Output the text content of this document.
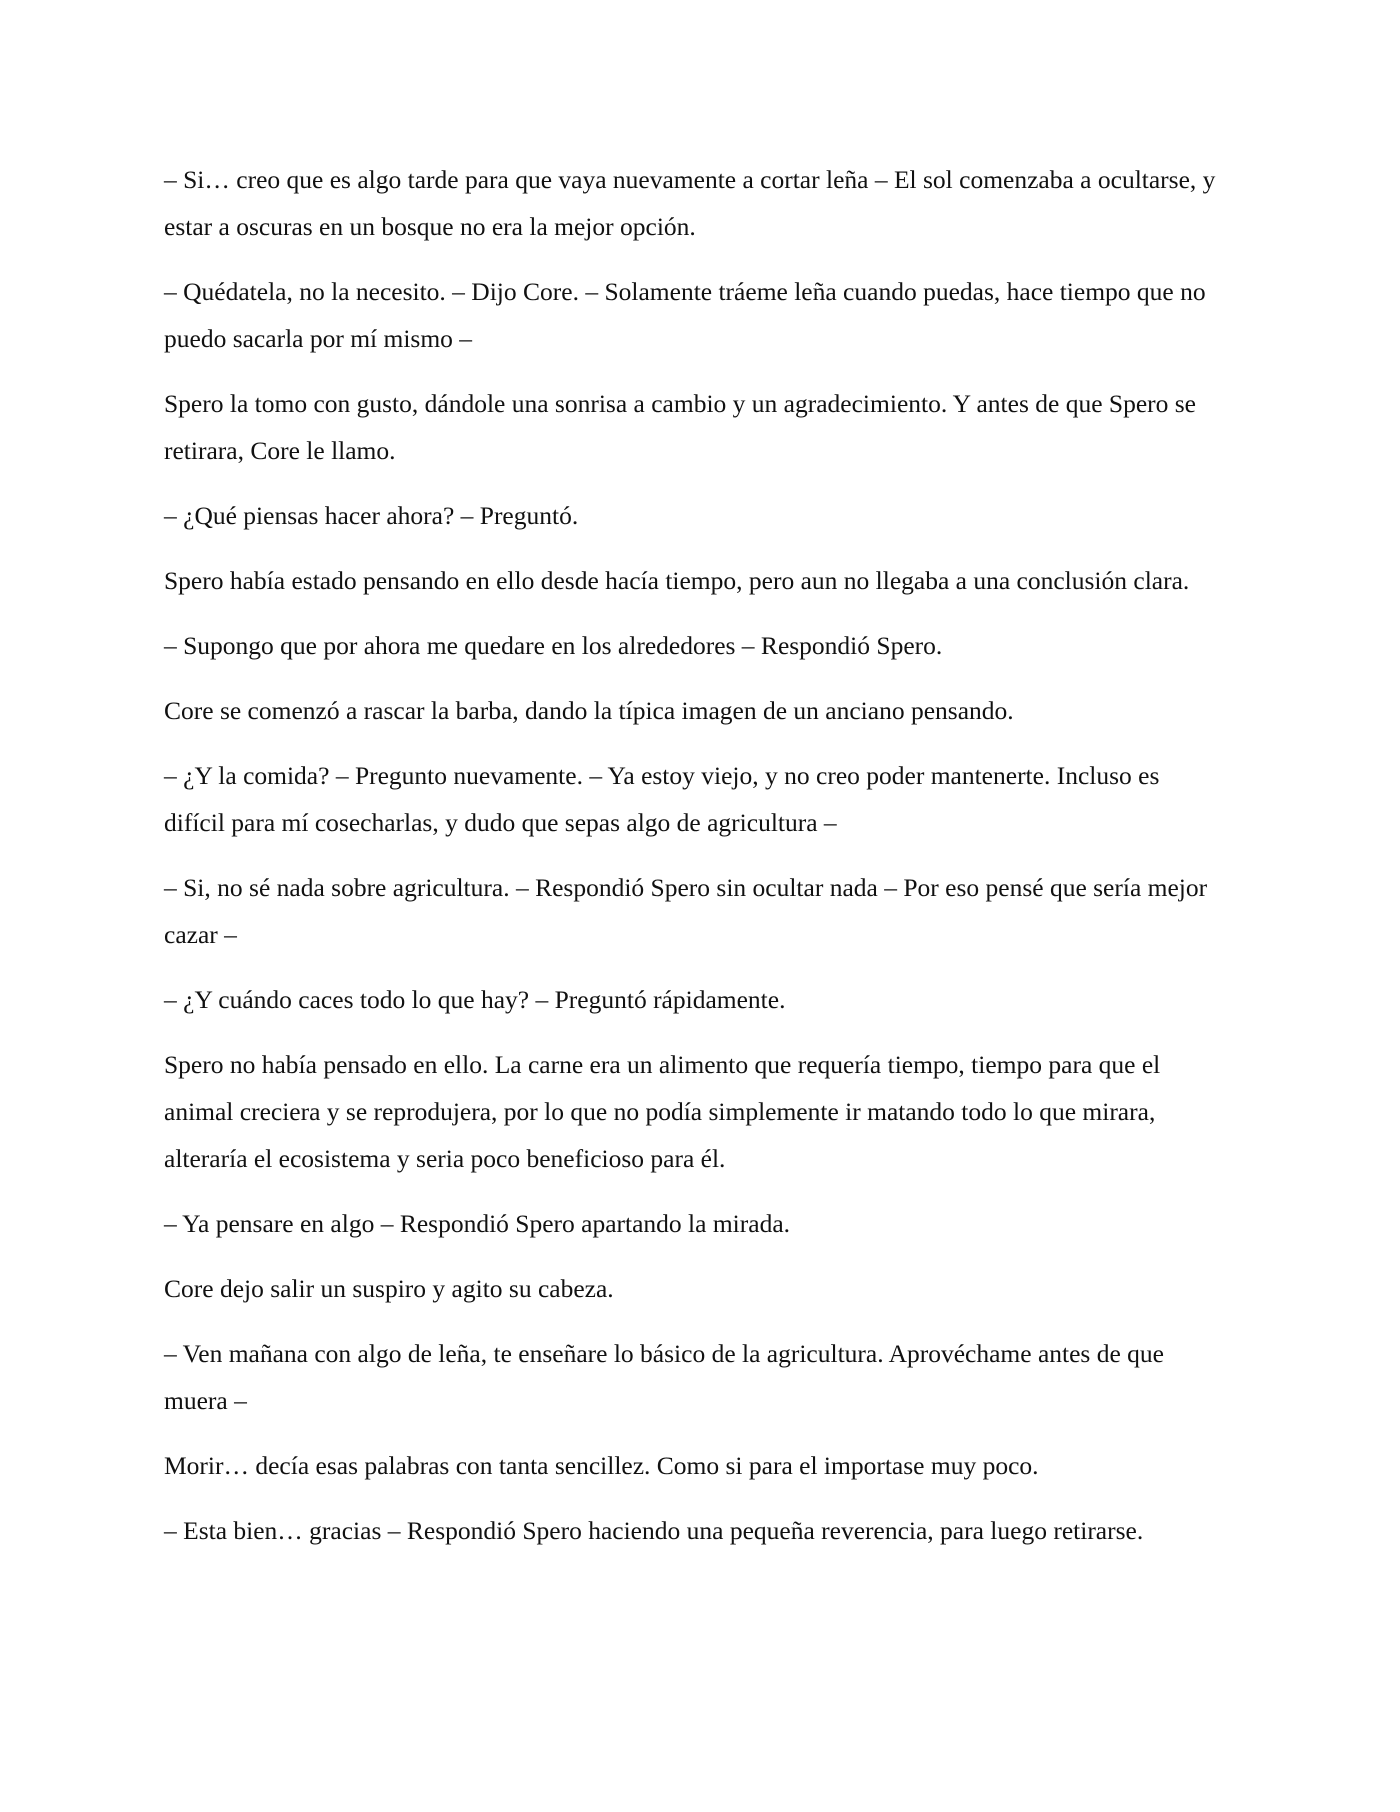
– Si… creo que es algo tarde para que vaya nuevamente a cortar leña – El sol comenzaba a ocultarse, y estar a oscuras en un bosque no era la mejor opción.

– Quédatela, no la necesito. – Dijo Core. – Solamente tráeme leña cuando puedas, hace tiempo que no puedo sacarla por mí mismo –

Spero la tomo con gusto, dándole una sonrisa a cambio y un agradecimiento. Y antes de que Spero se retirara, Core le llamo.

– ¿Qué piensas hacer ahora? – Preguntó.

Spero había estado pensando en ello desde hacía tiempo, pero aun no llegaba a una conclusión clara.

– Supongo que por ahora me quedare en los alrededores – Respondió Spero.

Core se comenzó a rascar la barba, dando la típica imagen de un anciano pensando.

– ¿Y la comida? – Pregunto nuevamente. – Ya estoy viejo, y no creo poder mantenerte. Incluso es difícil para mí cosecharlas, y dudo que sepas algo de agricultura –

– Si, no sé nada sobre agricultura. – Respondió Spero sin ocultar nada – Por eso pensé que sería mejor cazar –

– ¿Y cuándo caces todo lo que hay? – Preguntó rápidamente.

Spero no había pensado en ello. La carne era un alimento que requería tiempo, tiempo para que el animal creciera y se reprodujera, por lo que no podía simplemente ir matando todo lo que mirara, alteraría el ecosistema y seria poco beneficioso para él.

– Ya pensare en algo – Respondió Spero apartando la mirada.

Core dejo salir un suspiro y agito su cabeza.

– Ven mañana con algo de leña, te enseñare lo básico de la agricultura. Aprovéchame antes de que muera –

Morir… decía esas palabras con tanta sencillez. Como si para el importase muy poco.

– Esta bien… gracias – Respondió Spero haciendo una pequeña reverencia, para luego retirarse.
